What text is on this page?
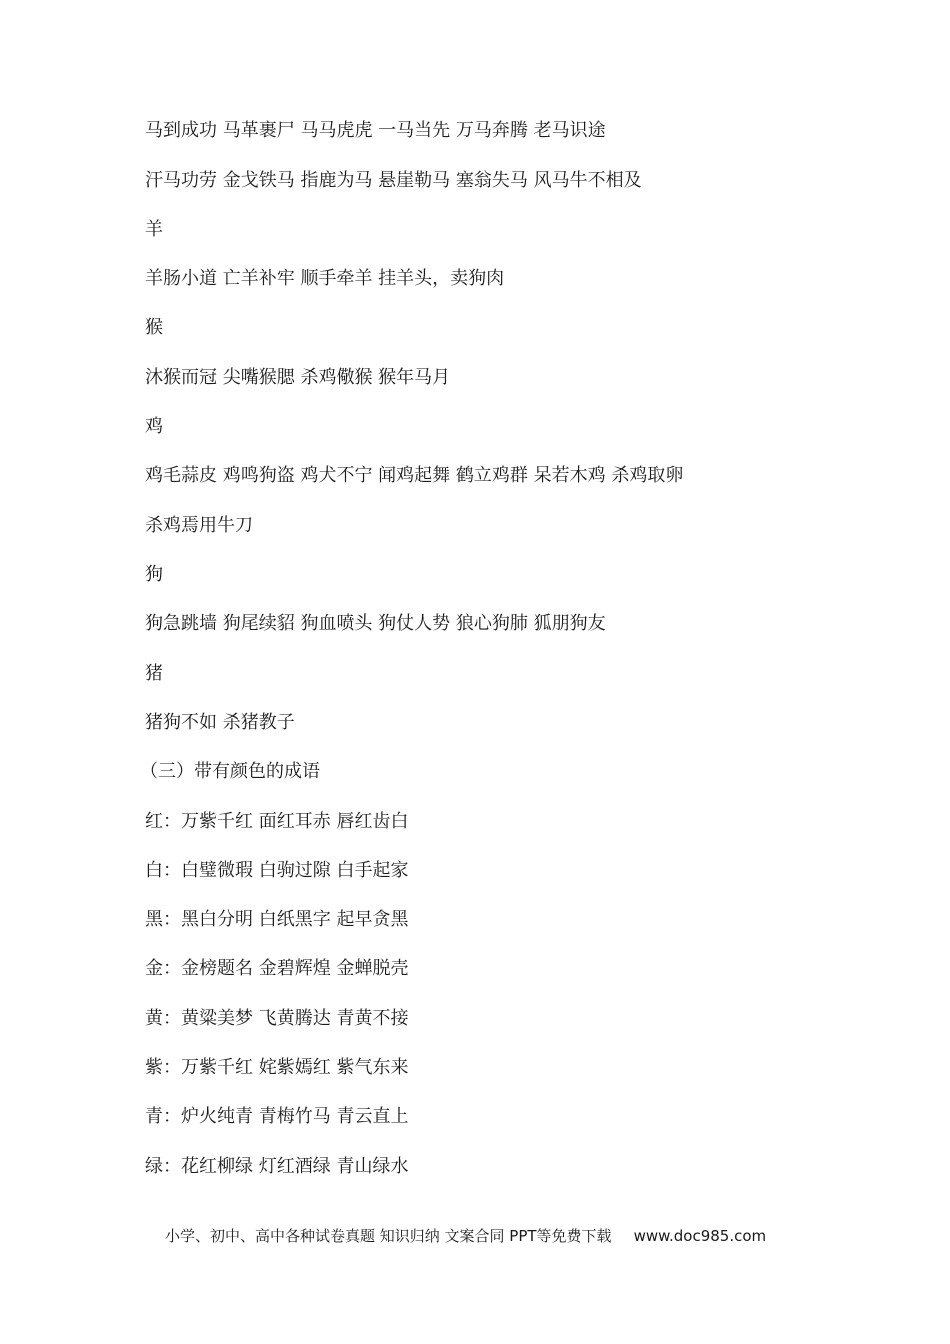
马到成功 马革裹尸 马马虎虎 一马当先 万马奔腾 老马识途

汗马功劳 金戈铁马 指鹿为马 悬崖勒马 塞翁失马 风马牛不相及

羊

羊肠小道 亡羊补牢 顺手牵羊 挂羊头，卖狗肉

猴

沐猴而冠 尖嘴猴腮 杀鸡儆猴 猴年马月

鸡

鸡毛蒜皮 鸡鸣狗盗 鸡犬不宁 闻鸡起舞 鹤立鸡群 呆若木鸡 杀鸡取卵

杀鸡焉用牛刀

狗

狗急跳墙 狗尾续貂 狗血喷头 狗仗人势 狼心狗肺 狐朋狗友

猪

猪狗不如 杀猪教子

（三）带有颜色的成语

红：万紫千红 面红耳赤 唇红齿白

白：白璧微瑕 白驹过隙 白手起家

黑：黑白分明 白纸黑字 起早贪黑

金：金榜题名 金碧辉煌 金蝉脱壳

黄：黄粱美梦 飞黄腾达 青黄不接

紫：万紫千红 姹紫嫣红 紫气东来

青：炉火纯青 青梅竹马 青云直上

绿：花红柳绿 灯红酒绿 青山绿水

小学、初中、高中各种试卷真题 知识归纳 文案合同 PPT等免费下载 www.doc985.com
